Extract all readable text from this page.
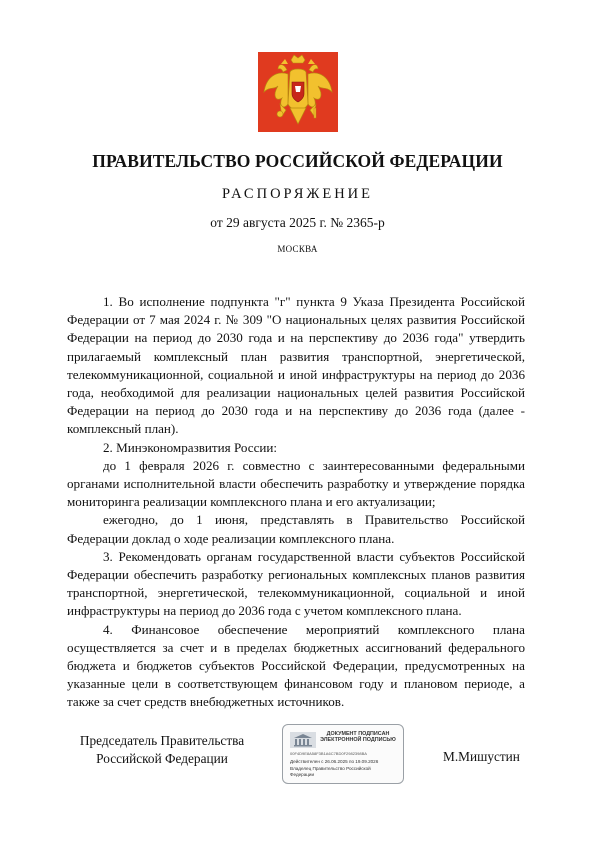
ПРАВИТЕЛЬСТВО РОССИЙСКОЙ ФЕДЕРАЦИИ
РАСПОРЯЖЕНИЕ
от 29 августа 2025 г. № 2365-р
МОСКВА

1. Во исполнение подпункта "г" пункта 9 Указа Президента Российской Федерации от 7 мая 2024 г. № 309 "О национальных целях развития Российской Федерации на период до 2030 года и на перспективу до 2036 года" утвердить прилагаемый комплексный план развития транспортной, энергетической, телекоммуникационной, социальной и иной инфраструктуры на период до 2036 года, необходимой для реализации национальных целей развития Российской Федерации на период до 2030 года и на перспективу до 2036 года (далее - комплексный план).

2. Минэкономразвития России:

до 1 февраля 2026 г. совместно с заинтересованными федеральными органами исполнительной власти обеспечить разработку и утверждение порядка мониторинга реализации комплексного плана и его актуализации;

ежегодно, до 1 июня, представлять в Правительство Российской Федерации доклад о ходе реализации комплексного плана.

3. Рекомендовать органам государственной власти субъектов Российской Федерации обеспечить разработку региональных комплексных планов развития транспортной, энергетической, телекоммуникационной, социальной и иной инфраструктуры на период до 2036 года с учетом комплексного плана.

4. Финансовое обеспечение мероприятий комплексного плана осуществляется за счет и в пределах бюджетных ассигнований федерального бюджета и бюджетов субъектов Российской Федерации, предусмотренных на указанные цели в соответствующем финансовом году и плановом периоде, а также за счет средств внебюджетных источников.

Председатель Правительства
Российской Федерации
ДОКУМЕНТ ПОДПИСАН
ЭЛЕКТРОННОЙ ПОДПИСЬЮ
00F4D9E8A58F3B1A6C7BD0F2982398BA
Действителен с 26.06.2025 по 19.09.2026
Владелец Правительство Российской Федерации
М.Мишустин
